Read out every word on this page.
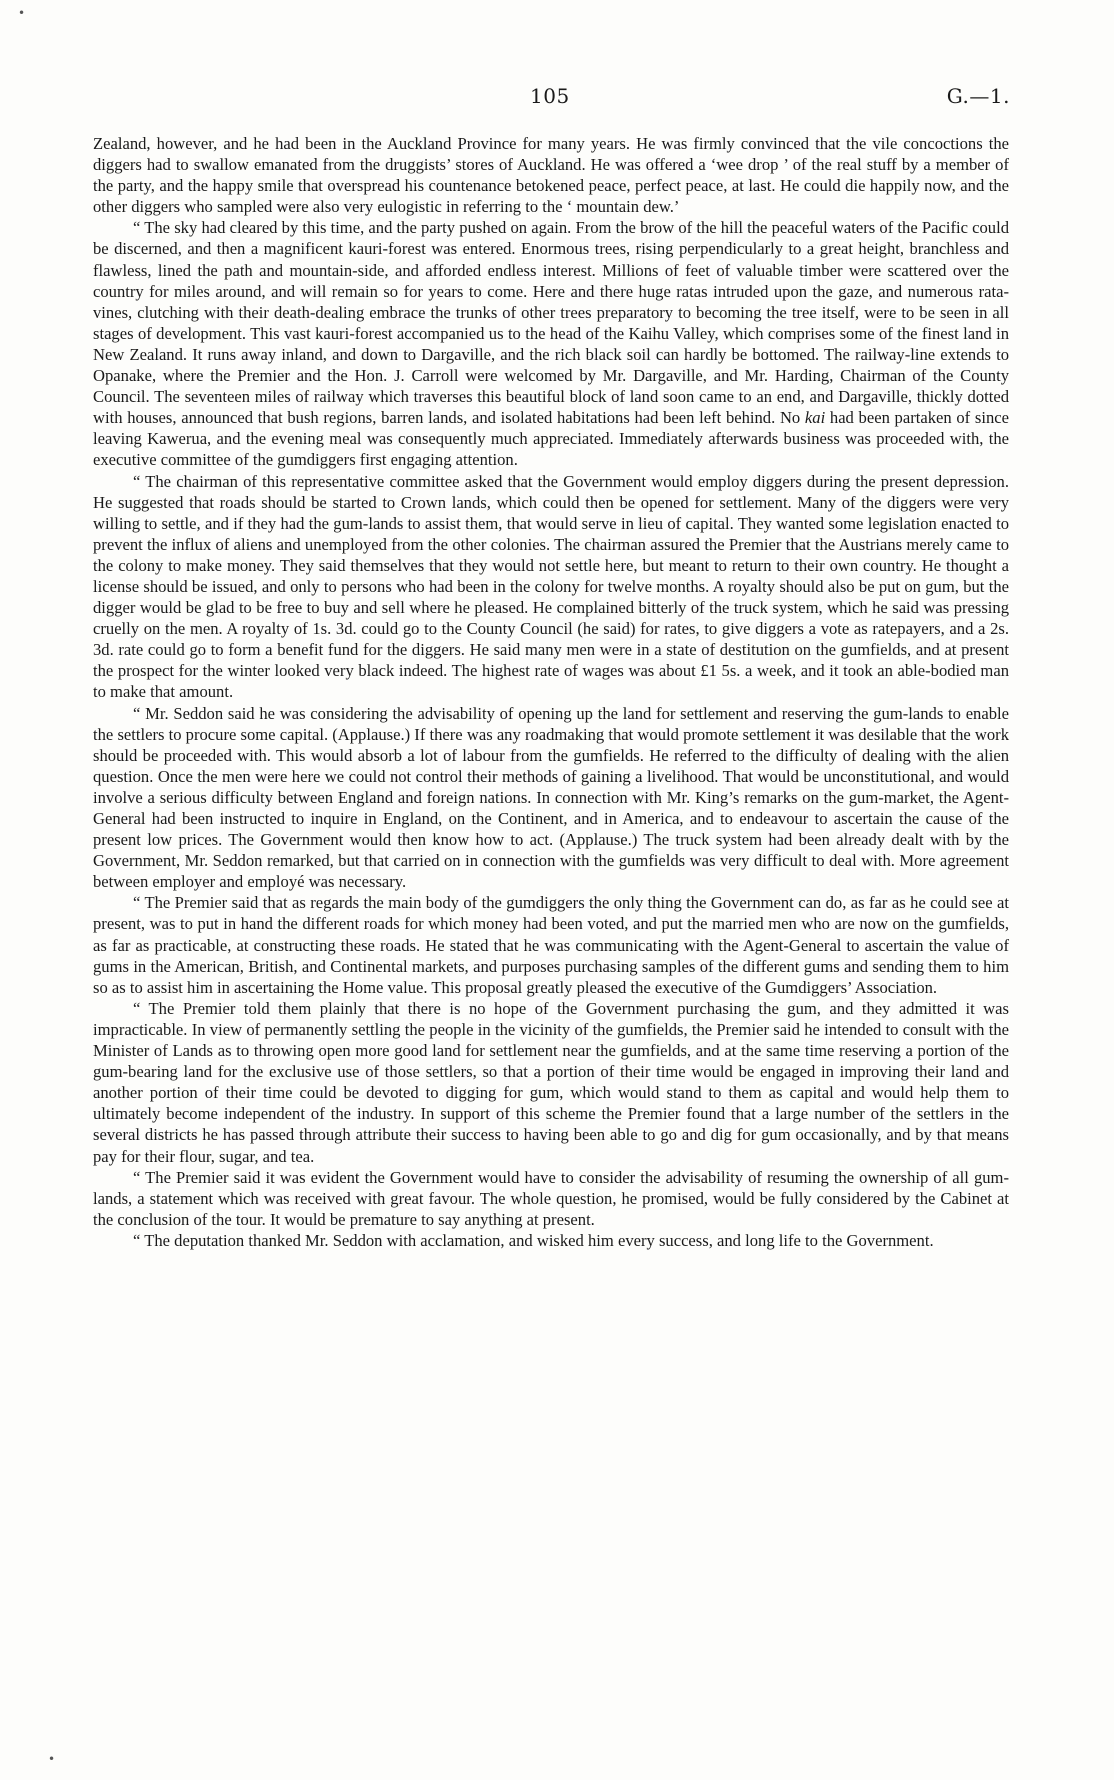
•
105	G.—1.

Zealand, however, and he had been in the Auckland Province for many years. He was firmly convinced that the vile concoctions the diggers had to swallow emanated from the druggists’ stores of Auckland. He was offered a ‘wee drop ’ of the real stuff by a member of the party, and the happy smile that overspread his countenance betokened peace, perfect peace, at last. He could die happily now, and the other diggers who sampled were also very eulogistic in referring to the ‘ mountain dew.’

“ The sky had cleared by this time, and the party pushed on again. From the brow of the hill the peaceful waters of the Pacific could be discerned, and then a magnificent kauri-forest was entered. Enormous trees, rising perpendicularly to a great height, branchless and flawless, lined the path and mountain-side, and afforded endless interest. Millions of feet of valuable timber were scattered over the country for miles around, and will remain so for years to come. Here and there huge ratas intruded upon the gaze, and numerous rata-vines, clutching with their death-dealing embrace the trunks of other trees preparatory to becoming the tree itself, were to be seen in all stages of development. This vast kauri-forest accompanied us to the head of the Kaihu Valley, which comprises some of the finest land in New Zealand. It runs away inland, and down to Dargaville, and the rich black soil can hardly be bottomed. The railway-line extends to Opanake, where the Premier and the Hon. J. Carroll were welcomed by Mr. Dargaville, and Mr. Harding, Chairman of the County Council. The seventeen miles of railway which traverses this beautiful block of land soon came to an end, and Dargaville, thickly dotted with houses, announced that bush regions, barren lands, and isolated habitations had been left behind. No kai had been partaken of since leaving Kawerua, and the evening meal was consequently much appreciated. Immediately afterwards business was proceeded with, the executive committee of the gumdiggers first engaging attention.

“ The chairman of this representative committee asked that the Government would employ diggers during the present depression. He suggested that roads should be started to Crown lands, which could then be opened for settlement. Many of the diggers were very willing to settle, and if they had the gum-lands to assist them, that would serve in lieu of capital. They wanted some legislation enacted to prevent the influx of aliens and unemployed from the other colonies. The chairman assured the Premier that the Austrians merely came to the colony to make money. They said themselves that they would not settle here, but meant to return to their own country. He thought a license should be issued, and only to persons who had been in the colony for twelve months. A royalty should also be put on gum, but the digger would be glad to be free to buy and sell where he pleased. He complained bitterly of the truck system, which he said was pressing cruelly on the men. A royalty of 1s. 3d. could go to the County Council (he said) for rates, to give diggers a vote as ratepayers, and a 2s. 3d. rate could go to form a benefit fund for the diggers. He said many men were in a state of destitution on the gumfields, and at present the prospect for the winter looked very black indeed. The highest rate of wages was about £1 5s. a week, and it took an able-bodied man to make that amount.

“ Mr. Seddon said he was considering the advisability of opening up the land for settlement and reserving the gum-lands to enable the settlers to procure some capital. (Applause.) If there was any roadmaking that would promote settlement it was desilable that the work should be proceeded with. This would absorb a lot of labour from the gumfields. He referred to the difficulty of dealing with the alien question. Once the men were here we could not control their methods of gaining a livelihood. That would be unconstitutional, and would involve a serious difficulty between England and foreign nations. In connection with Mr. King’s remarks on the gum-market, the Agent-General had been instructed to inquire in England, on the Continent, and in America, and to endeavour to ascertain the cause of the present low prices. The Government would then know how to act. (Applause.) The truck system had been already dealt with by the Government, Mr. Seddon remarked, but that carried on in connection with the gumfields was very difficult to deal with. More agreement between employer and employé was necessary.

“ The Premier said that as regards the main body of the gumdiggers the only thing the Government can do, as far as he could see at present, was to put in hand the different roads for which money had been voted, and put the married men who are now on the gumfields, as far as practicable, at constructing these roads. He stated that he was communicating with the Agent-General to ascertain the value of gums in the American, British, and Continental markets, and purposes purchasing samples of the different gums and sending them to him so as to assist him in ascertaining the Home value. This proposal greatly pleased the executive of the Gumdiggers’ Association.

“ The Premier told them plainly that there is no hope of the Government purchasing the gum, and they admitted it was impracticable. In view of permanently settling the people in the vicinity of the gumfields, the Premier said he intended to consult with the Minister of Lands as to throwing open more good land for settlement near the gumfields, and at the same time reserving a portion of the gum-bearing land for the exclusive use of those settlers, so that a portion of their time would be engaged in improving their land and another portion of their time could be devoted to digging for gum, which would stand to them as capital and would help them to ultimately become independent of the industry. In support of this scheme the Premier found that a large number of the settlers in the several districts he has passed through attribute their success to having been able to go and dig for gum occasionally, and by that means pay for their flour, sugar, and tea.

“ The Premier said it was evident the Government would have to consider the advisability of resuming the ownership of all gum-lands, a statement which was received with great favour. The whole question, he promised, would be fully considered by the Cabinet at the conclusion of the tour. It would be premature to say anything at present.

“ The deputation thanked Mr. Seddon with acclamation, and wisked him every success, and long life to the Government.

•
